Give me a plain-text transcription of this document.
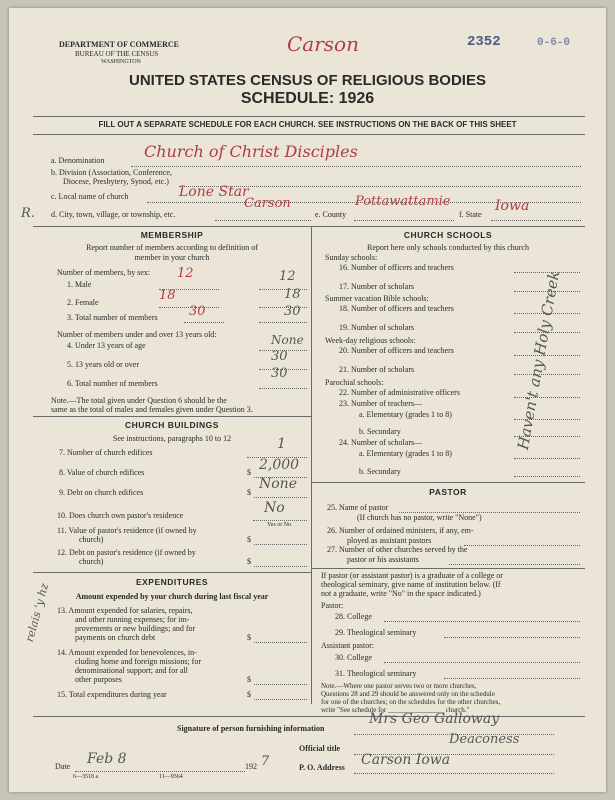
DEPARTMENT OF COMMERCE
BUREAU OF THE CENSUS
WASHINGTON
Carson	2352	0-6-0
UNITED STATES CENSUS OF RELIGIOUS BODIES
SCHEDULE: 1926
FILL OUT A SEPARATE SCHEDULE FOR EACH CHURCH. SEE INSTRUCTIONS ON THE BACK OF THIS SHEET
a. Denomination Church of Christ Disciples
b. Division (Association, Conference,
Diocese, Presbytery, Synod, etc.)
c. Local name of church	Lone Star
R. d. City, town, village, or township, etc.
Carson
e. County
Pottawattamie
f. State
Iowa
MEMBERSHIP
Report number of members according to definition of
member in your church
Number of members, by sex:
1. Male
12	12
2. Female	18	18
3. Total number of members 30	30
Number of members under and over 13 years old:
4. Under 13 years of age	None
5. 13 years old or over
30
6. Total number of members
30
Note.—The total given under Question 6 should be the
same as the total of males and females given under Question 3.
CHURCH BUILDINGS
See instructions, paragraphs 10 to 12
7. Number of church edifices
1
8. Value of church edifices	$ 2,000
9. Debt on church edifices	$
None
10. Does church own pastor's residence	No
Yes or No
11. Value of pastor's residence (if owned by
church)	$
12. Debt on pastor's residence (if owned by
church)	$
EXPENDITURES
Amount expended by your church during last fiscal year
13. Amount expended for salaries, repairs,
and other running expenses; for im-
provements or new buildings; and for
payments on church debt	$
relais 'y hz
14. Amount expended for benevolences, in-
cluding home and foreign missions; for
denominational support; and for all
other purposes	$
15. Total expenditures during year	$
CHURCH SCHOOLS
Report here only schools conducted by this church
Sunday schools:
16. Number of officers and teachers
17. Number of scholars
Summer vacation Bible schools:
18. Number of officers and teachers
19. Number of scholars
Week-day religious schools:
20. Number of officers and teachers
21. Number of scholars
Parochial schools:
22. Number of administrative officers
23. Number of teachers—
a. Elementary (grades 1 to 8)
b. Secondary
24. Number of scholars—
a. Elementary (grades 1 to 8)
b. Secondary
Haven't any Holy Creek
PASTOR
25. Name of pastor
(If church has no pastor, write "None")
26. Number of ordained ministers, if any, em-
ployed as assistant pastors
27. Number of other churches served by the
pastor or his assistants
If pastor (or assistant pastor) is a graduate of a college or
theological seminary, give name of institution below. (If
not a graduate, write "No" in the space indicated.)
Pastor:
28. College
29. Theological seminary
Assistant pastor:
30. College
31. Theological seminary
Note.—Where one pastor serves two or more churches,
Questions 28 and 29 should be answered only on the schedule
for one of the churches; on the schedules for the other churches,
write "See schedule for ________________ church."
Signature of person furnishing information
Mrs Geo Galloway
Official title
Deaconess
Date Feb 8	192 7
6—3518 a	11—9564
P. O. Address Carson Iowa
